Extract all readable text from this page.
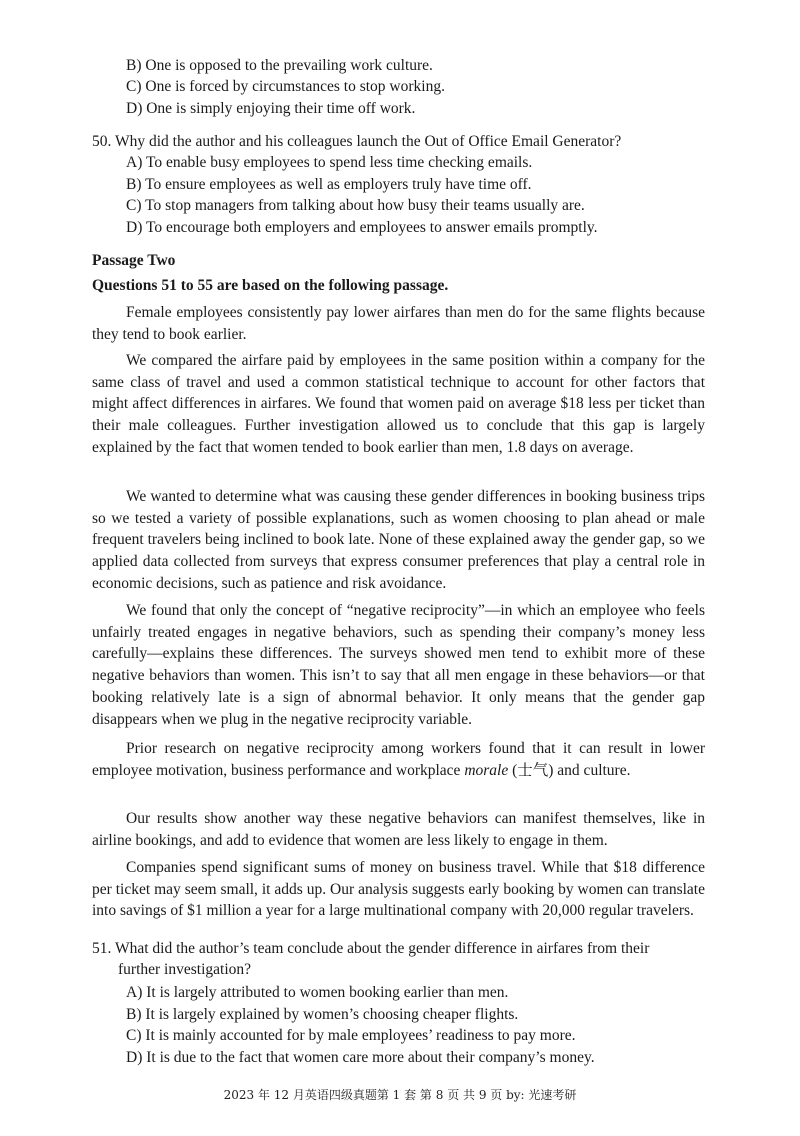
B) One is opposed to the prevailing work culture.
C) One is forced by circumstances to stop working.
D) One is simply enjoying their time off work.
50. Why did the author and his colleagues launch the Out of Office Email Generator?
A) To enable busy employees to spend less time checking emails.
B) To ensure employees as well as employers truly have time off.
C) To stop managers from talking about how busy their teams usually are.
D) To encourage both employers and employees to answer emails promptly.
Passage Two
Questions 51 to 55 are based on the following passage.

Female employees consistently pay lower airfares than men do for the same flights because they tend to book earlier.

We compared the airfare paid by employees in the same position within a company for the same class of travel and used a common statistical technique to account for other factors that might affect differences in airfares. We found that women paid on average $18 less per ticket than their male colleagues. Further investigation allowed us to conclude that this gap is largely explained by the fact that women tended to book earlier than men, 1.8 days on average.

We wanted to determine what was causing these gender differences in booking business trips so we tested a variety of possible explanations, such as women choosing to plan ahead or male frequent travelers being inclined to book late. None of these explained away the gender gap, so we applied data collected from surveys that express consumer preferences that play a central role in economic decisions, such as patience and risk avoidance.

We found that only the concept of “negative reciprocity”—in which an employee who feels unfairly treated engages in negative behaviors, such as spending their company’s money less carefully—explains these differences. The surveys showed men tend to exhibit more of these negative behaviors than women. This isn’t to say that all men engage in these behaviors—or that booking relatively late is a sign of abnormal behavior. It only means that the gender gap disappears when we plug in the negative reciprocity variable.

Prior research on negative reciprocity among workers found that it can result in lower employee motivation, business performance and workplace morale (士气) and culture.

Our results show another way these negative behaviors can manifest themselves, like in airline bookings, and add to evidence that women are less likely to engage in them.

Companies spend significant sums of money on business travel. While that $18 difference per ticket may seem small, it adds up. Our analysis suggests early booking by women can translate into savings of $1 million a year for a large multinational company with 20,000 regular travelers.

51. What did the author’s team conclude about the gender difference in airfares from their
further investigation?
A) It is largely attributed to women booking earlier than men.
B) It is largely explained by women’s choosing cheaper flights.
C) It is mainly accounted for by male employees’ readiness to pay more.
D) It is due to the fact that women care more about their company’s money.
2023 年 12 月英语四级真题第 1 套 第 8 页 共 9 页 by: 光速考研
